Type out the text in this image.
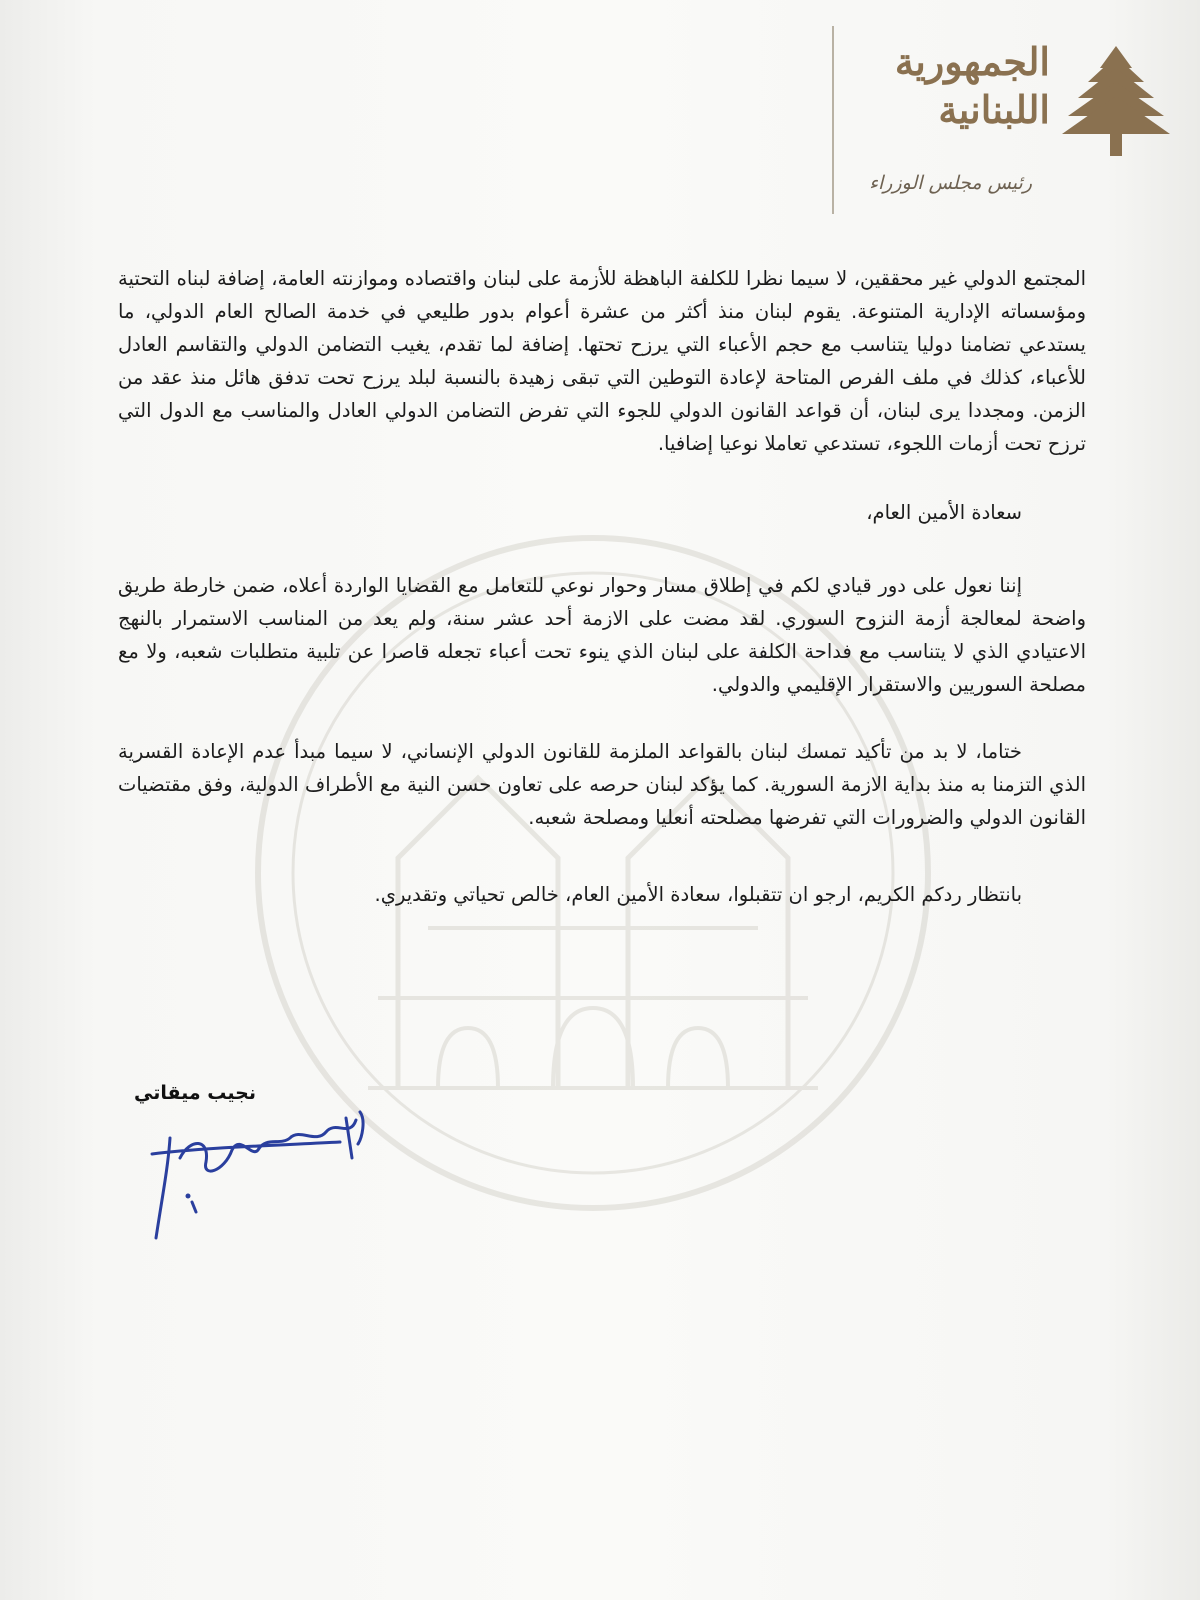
الجمهورية
اللبنانية
رئيس مجلس الوزراء

المجتمع الدولي غير محققين، لا سيما نظرا للكلفة الباهظة للأزمة على لبنان واقتصاده وموازنته العامة، إضافة لبناه التحتية ومؤسساته الإدارية المتنوعة. يقوم لبنان منذ أكثر من عشرة أعوام بدور طليعي في خدمة الصالح العام الدولي، ما يستدعي تضامنا دوليا يتناسب مع حجم الأعباء التي يرزح تحتها. إضافة لما تقدم، يغيب التضامن الدولي والتقاسم العادل للأعباء، كذلك في ملف الفرص المتاحة لإعادة التوطين التي تبقى زهيدة بالنسبة لبلد يرزح تحت تدفق هائل منذ عقد من الزمن. ومجددا يرى لبنان، أن قواعد القانون الدولي للجوء التي تفرض التضامن الدولي العادل والمناسب مع الدول التي ترزح تحت أزمات اللجوء، تستدعي تعاملا نوعيا إضافيا.

سعادة الأمين العام،

إننا نعول على دور قيادي لكم في إطلاق مسار وحوار نوعي للتعامل مع القضايا الواردة أعلاه، ضمن خارطة طريق واضحة لمعالجة أزمة النزوح السوري. لقد مضت على الازمة أحد عشر سنة، ولم يعد من المناسب الاستمرار بالنهج الاعتيادي الذي لا يتناسب مع فداحة الكلفة على لبنان الذي ينوء تحت أعباء تجعله قاصرا عن تلبية متطلبات شعبه، ولا مع مصلحة السوريين والاستقرار الإقليمي والدولي.

ختاما، لا بد من تأكيد تمسك لبنان بالقواعد الملزمة للقانون الدولي الإنساني، لا سيما مبدأ عدم الإعادة القسرية الذي التزمنا به منذ بداية الازمة السورية. كما يؤكد لبنان حرصه على تعاون حسن النية مع الأطراف الدولية، وفق مقتضيات القانون الدولي والضرورات التي تفرضها مصلحته أنعليا ومصلحة شعبه.

بانتظار ردكم الكريم، ارجو ان تتقبلوا، سعادة الأمين العام، خالص تحياتي وتقديري.

نجيب ميقاتي
